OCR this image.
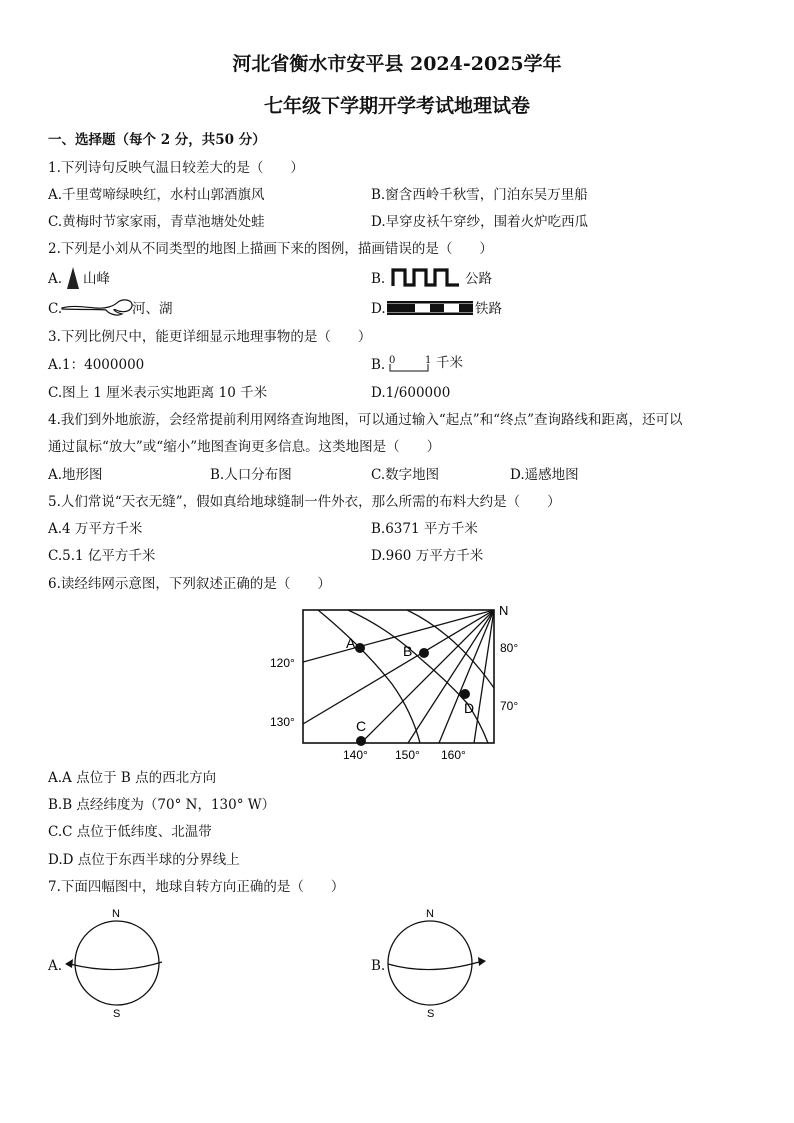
河北省衡水市安平县 2024-2025学年
七年级下学期开学考试地理试卷
一、选择题（每个 2 分，共50 分）
1.下列诗句反映气温日较差大的是（　　）
A.千里莺啼绿映红，水村山郭酒旗风	B.窗含西岭千秋雪，门泊东吴万里船
C.黄梅时节家家雨，青草池塘处处蛙	D.早穿皮袄午穿纱，围着火炉吃西瓜
2.下列是小刘从不同类型的地图上描画下来的图例，描画错误的是（　　）
A. 山峰	B.	公路
C.	河、湖	D.	铁路
3.下列比例尺中，能更详细显示地理事物的是（　　）
A.1：4000000	B. 0	1 千米
C.图上 1 厘米表示实地距离 10 千米	D.1/600000
4.我们到外地旅游，会经常提前利用网络查询地图，可以通过输入“起点”和“终点”查询路线和距离，还可以
通过鼠标“放大”或“缩小”地图查询更多信息。这类地图是（　　）
A.地形图	B.人口分布图	C.数字地图	D.遥感地图
5.人们常说“天衣无缝”，假如真给地球缝制一件外衣，那么所需的布料大约是（　　）
A.4 万平方千米	B.6371 平方千米
C.5.1 亿平方千米	D.960 万平方千米
6.读经纬网示意图，下列叙述正确的是（　　）
A	B
C
D
N
80°
70°
120°
130°
140° 150° 160°
A.A 点位于 B 点的西北方向
B.B 点经纬度为（70° N，130° W）
C.C 点位于低纬度、北温带
D.D 点位于东西半球的分界线上
7.下面四幅图中，地球自转方向正确的是（　　）
A.
N
S
B.
N
S
